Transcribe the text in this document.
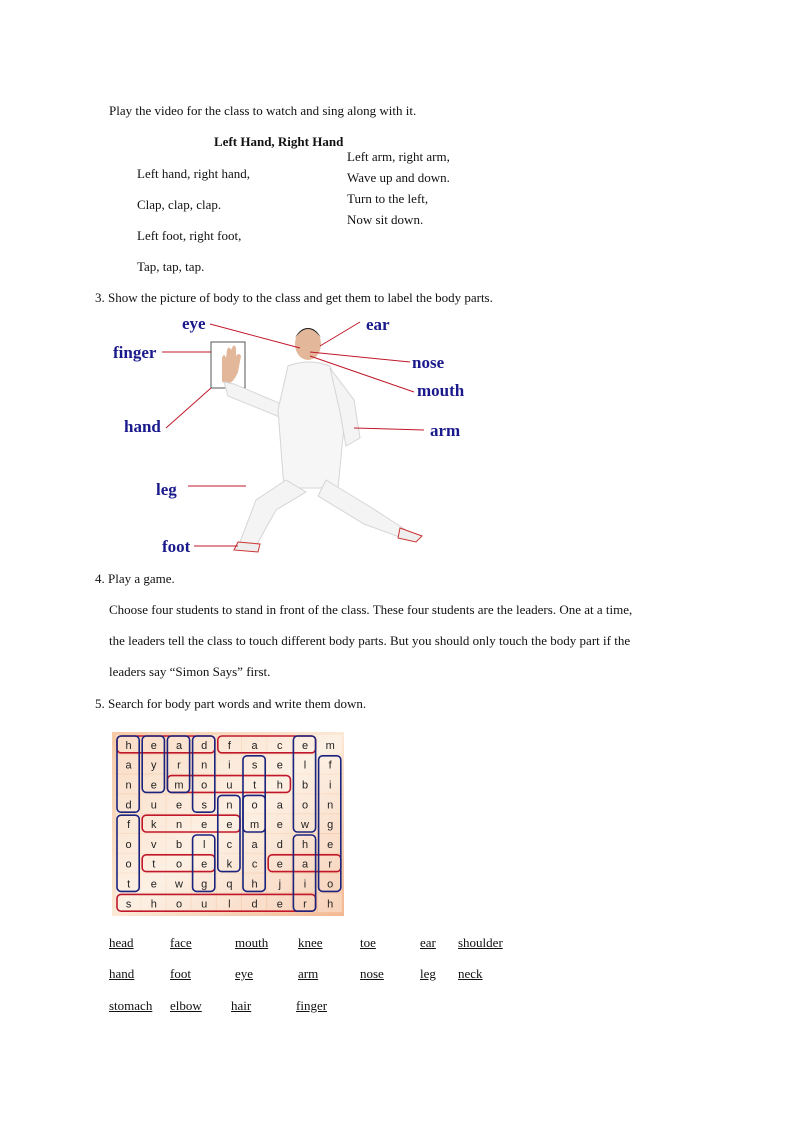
Play the video for the class to watch and sing along with it.
Left Hand, Right Hand
Left hand, right hand,
Clap, clap, clap.
Left foot, right foot,
Tap, tap, tap.
Left arm, right arm,
Wave up and down.
Turn to the left,
Now sit down.
3. Show the picture of body to the class and get them to label the body parts.
eye	ear
finger
nose
mouth
hand	arm
leg
foot
4. Play a game.
Choose four students to stand in front of the class. These four students are the leaders. One at a time,
the leaders tell the class to touch different body parts. But you should only touch the body part if the
leaders say “Simon Says” first.
5. Search for body part words and write them down.
h e a d f a c e m
a y r n i s e l f
n e m o u t h b i
d u e s n o a o n
f k n e e m e w g
o v b l c a d h e
o t o e k c e a r
t e w g q h j i o
s h o u l d e r h
head	face	mouth knee	toe	ear shoulder
hand	foot	eye	arm	nose	leg neck
stomach elbow hair	finger
